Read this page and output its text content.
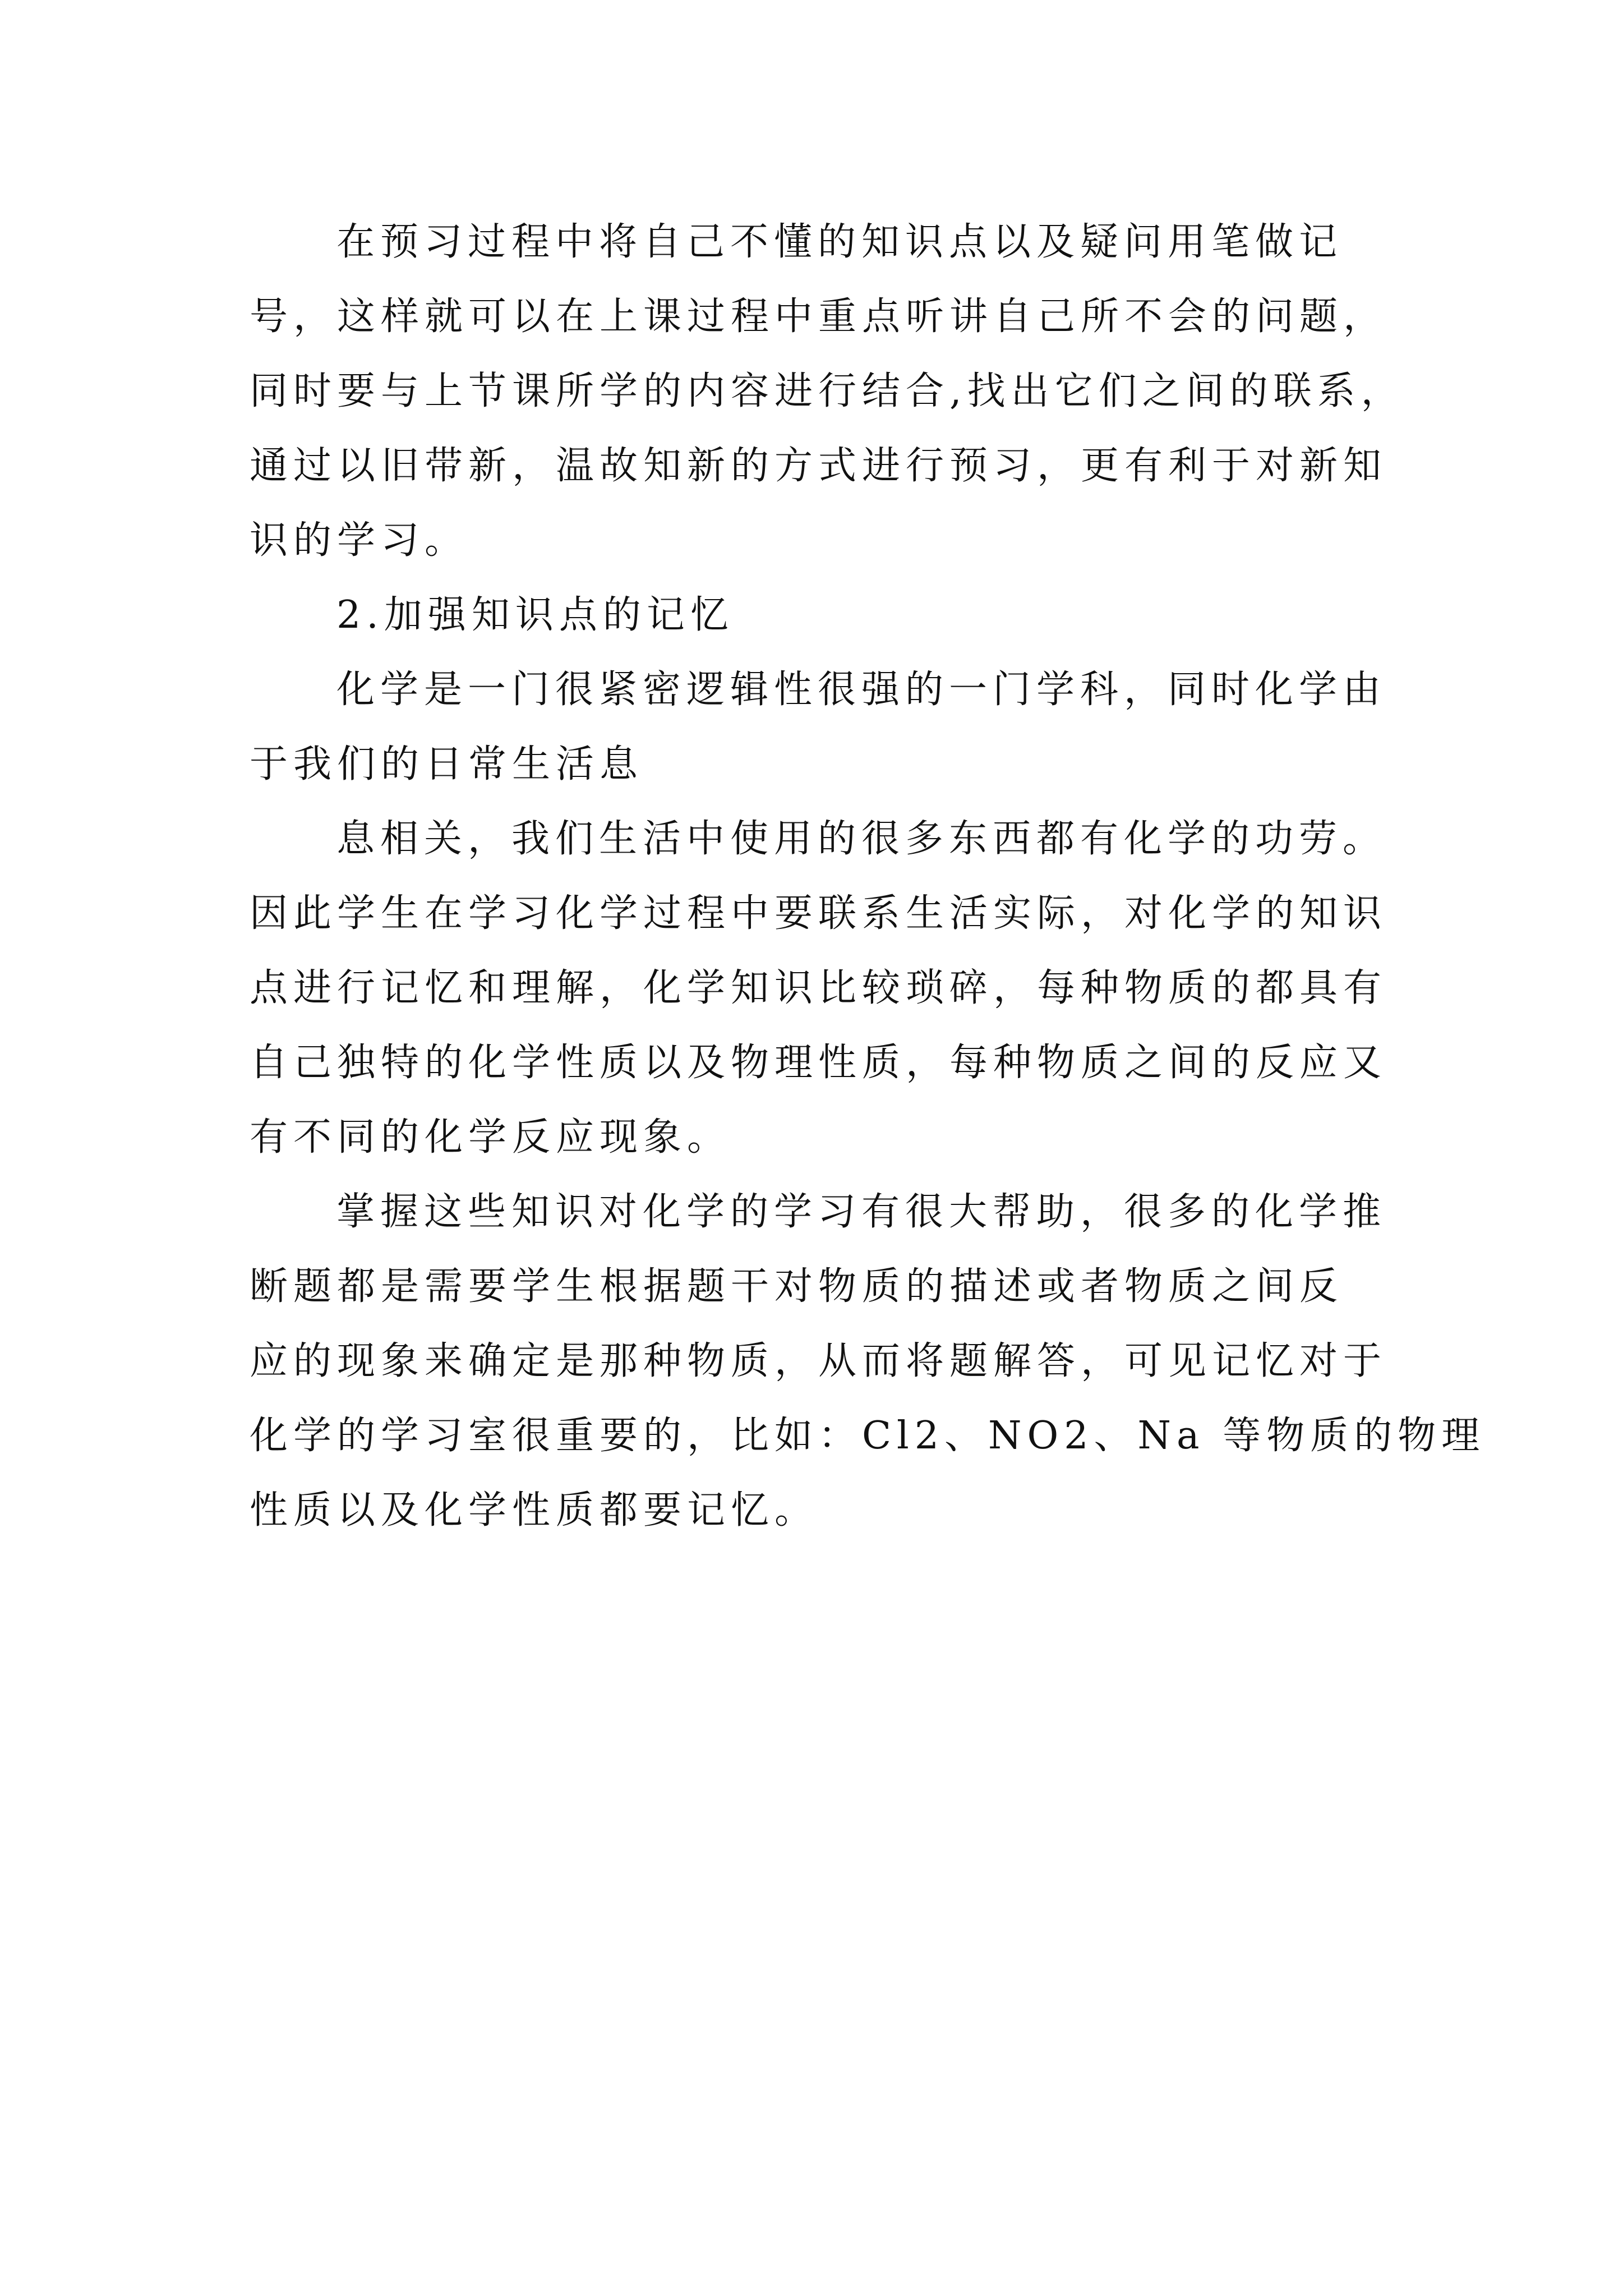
在预习过程中将自己不懂的知识点以及疑问用笔做记
号，这样就可以在上课过程中重点听讲自己所不会的问题，
同时要与上节课所学的内容进行结合,找出它们之间的联系，
通过以旧带新，温故知新的方式进行预习，更有利于对新知
识的学习。
2.加强知识点的记忆
化学是一门很紧密逻辑性很强的一门学科，同时化学由
于我们的日常生活息
息相关，我们生活中使用的很多东西都有化学的功劳。
因此学生在学习化学过程中要联系生活实际，对化学的知识
点进行记忆和理解，化学知识比较琐碎，每种物质的都具有
自己独特的化学性质以及物理性质，每种物质之间的反应又
有不同的化学反应现象。
掌握这些知识对化学的学习有很大帮助，很多的化学推
断题都是需要学生根据题干对物质的描述或者物质之间反
应的现象来确定是那种物质，从而将题解答，可见记忆对于
化学的学习室很重要的，比如：Cl2、NO2、Na 等物质的物理
性质以及化学性质都要记忆。
